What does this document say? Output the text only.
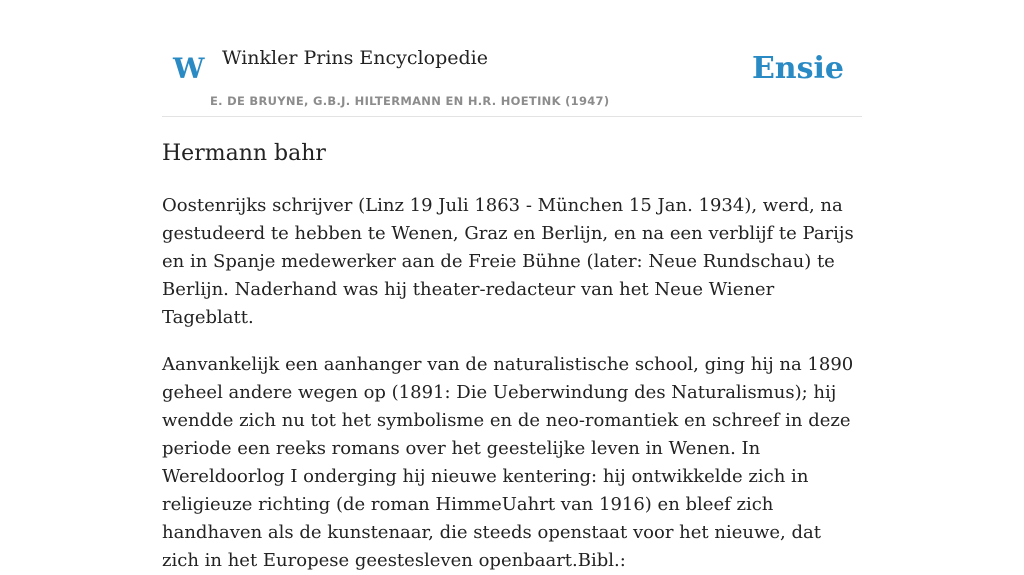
W Winkler Prins Encyclopedie
E. DE BRUYNE, G.B.J. HILTERMANN EN H.R. HOETINK (1947)
Ensie
Hermann bahr

Oostenrijks schrijver (Linz 19 Juli 1863 - München 15 Jan. 1934), werd, na gestudeerd te hebben te Wenen, Graz en Berlijn, en na een verblijf te Parijs en in Spanje medewerker aan de Freie Bühne (later: Neue Rundschau) te Berlijn. Naderhand was hij theater-redacteur van het Neue Wiener Tageblatt.

Aanvankelijk een aanhanger van de naturalistische school, ging hij na 1890 geheel andere wegen op (1891: Die Ueberwindung des Naturalismus); hij wendde zich nu tot het symbolisme en de neo-romantiek en schreef in deze periode een reeks romans over het geestelijke leven in Wenen. In Wereldoorlog I onderging hij nieuwe kentering: hij ontwikkelde zich in religieuze richting (de roman HimmeUahrt van 1916) en bleef zich handhaven als de kunstenaar, die steeds openstaat voor het nieuwe, dat zich in het Europese geestesleven openbaart.Bibl.:
